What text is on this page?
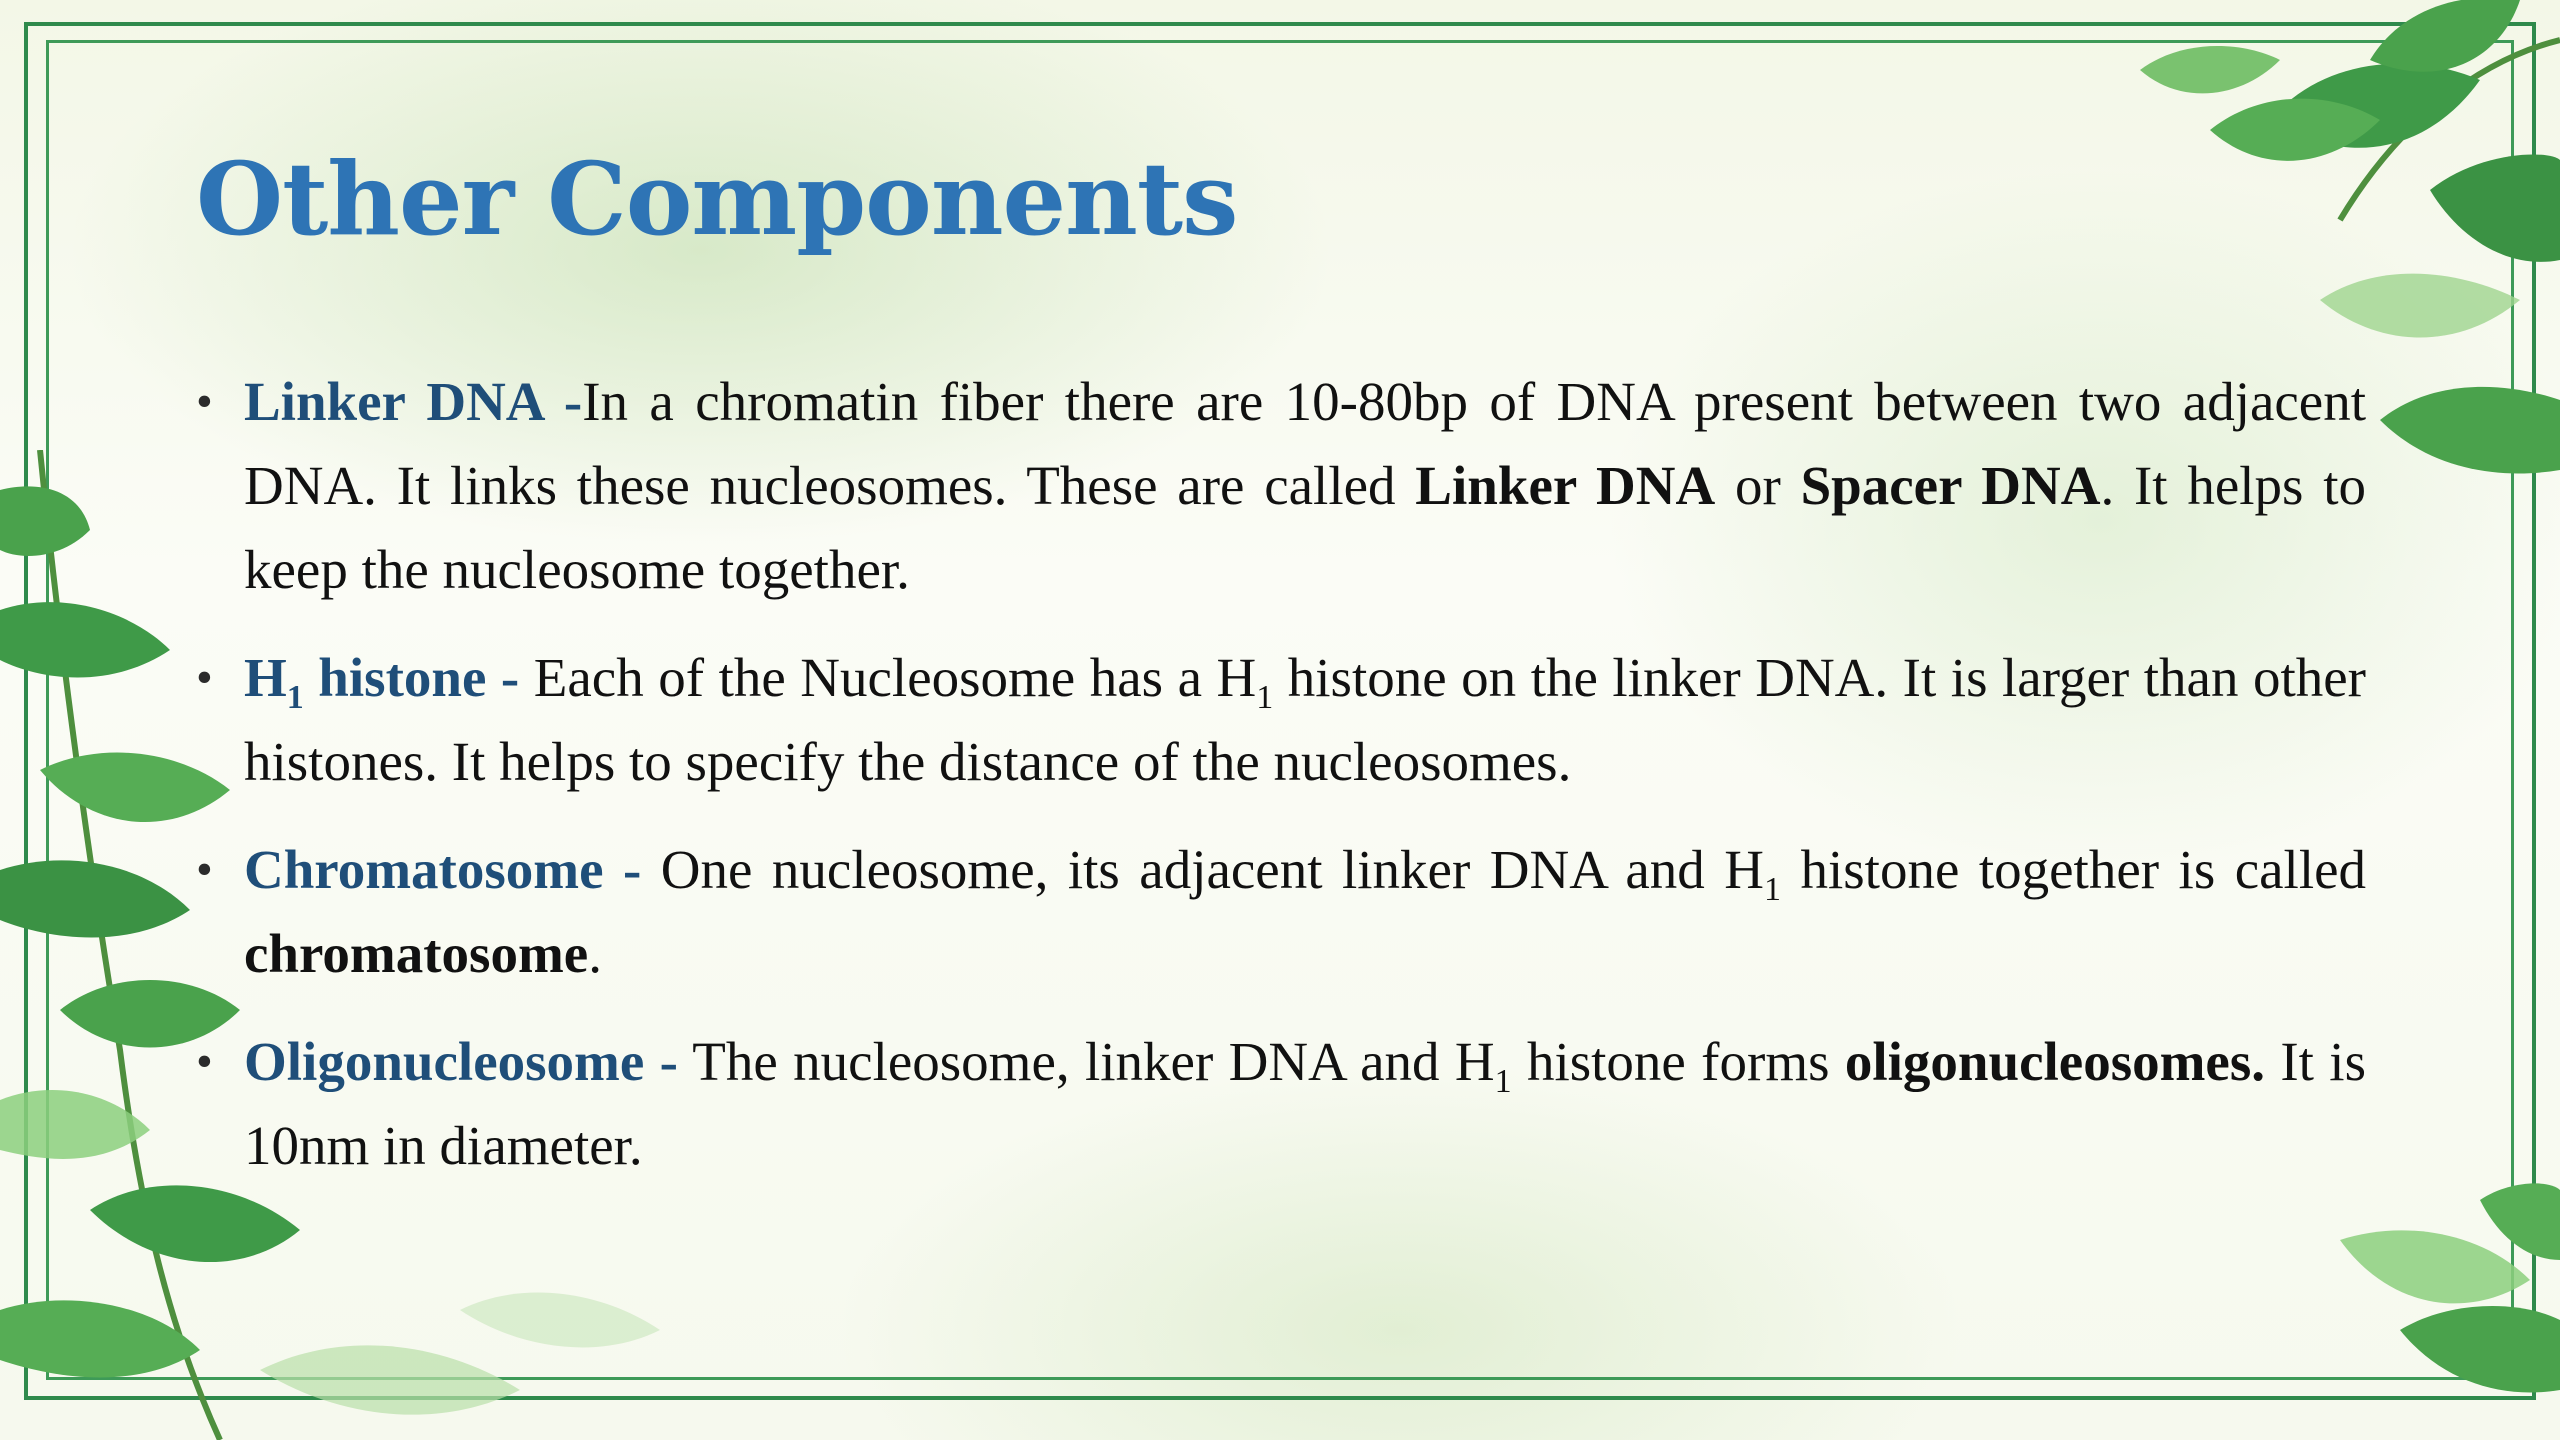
Other Components
• Linker DNA -In a chromatin fiber there are 10-80bp of DNA present between two adjacent DNA. It links these nucleosomes. These are called Linker DNA or Spacer DNA. It helps to keep the nucleosome together.
• $H_1$ histone - Each of the Nucleosome has a $H_1$ histone on the linker DNA. It is larger than other histones. It helps to specify the distance of the nucleosomes.
• Chromatosome - One nucleosome, its adjacent linker DNA and $H_1$ histone together is called chromatosome.
• Oligonucleosome - The nucleosome, linker DNA and $H_1$ histone forms oligonucleosomes. It is 10nm in diameter.
